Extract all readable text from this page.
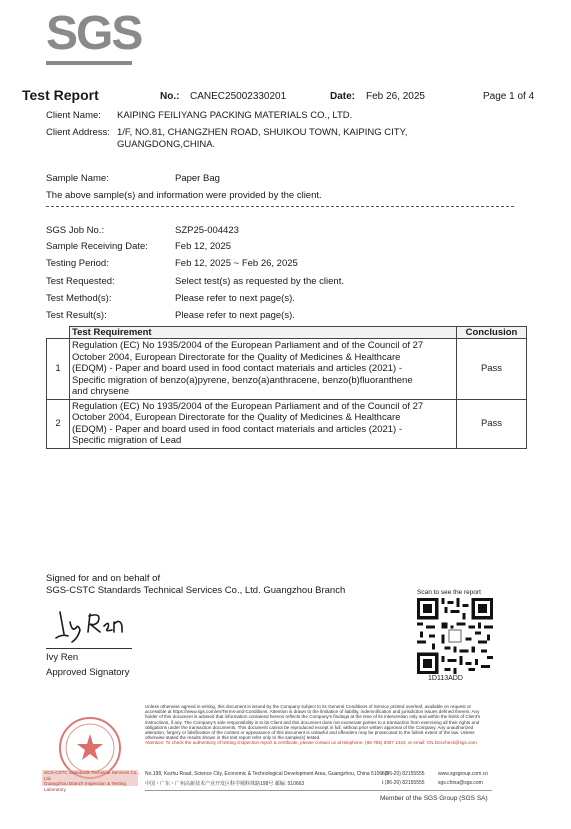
SGS
Test Report	No.: CANEC25002330201	Date: Feb 26, 2025	Page 1 of 4
Client Name: KAIPING FEILIYANG PACKING MATERIALS CO., LTD.
Client Address: 1/F, NO.81, CHANGZHEN ROAD, SHUIKOU TOWN, KAIPING CITY,
GUANGDONG,CHINA.
Sample Name:	Paper Bag
The above sample(s) and information were provided by the client.
SGS Job No.:	SZP25-004423
Sample Receiving Date:	Feb 12, 2025
Testing Period:	Feb 12, 2025 ~ Feb 26, 2025
Test Requested:	Select test(s) as requested by the client.
Test Method(s):	Please refer to next page(s).
Test Result(s):	Please refer to next page(s).
	Test Requirement	Conclusion
1	Regulation (EC) No 1935/2004 of the European Parliament and of the Council of 27
October 2004, European Directorate for the Quality of Medicines & Healthcare
(EDQM) - Paper and board used in food contact materials and articles (2021) -
Specific migration of benzo(a)pyrene, benzo(a)anthracene, benzo(b)fluoranthene
and chrysene	Pass
2	Regulation (EC) No 1935/2004 of the European Parliament and of the Council of 27
October 2004, European Directorate for the Quality of Medicines & Healthcare
(EDQM) - Paper and board used in food contact materials and articles (2021) -
Specific migration of Lead	Pass
Signed for and on behalf of
SGS-CSTC Standards Technical Services Co., Ltd. Guangzhou Branch
Ivy Ren
Approved Signatory
Scan to see the report
1D113ADD
SGS-CSTC Standards Technical Services Co., Ltd.
Guangzhou Branch Inspection & Testing Laboratory
Unless otherwise agreed in writing, this document is issued by the Company subject to its General Conditions of Service printed overleaf, available on request or accessible at https://www.sgs.com/en/Terms-and-Conditions. Attention is drawn to the limitation of liability, indemnification and jurisdiction issues defined therein. Any holder of this document is advised that information contained hereon reflects the Company's findings at the time of its intervention only and within the limits of Client's instructions, if any. The Company's sole responsibility is to its Client and this document does not exonerate parties to a transaction from exercising all their rights and obligations under the transaction documents. This document cannot be reproduced except in full, without prior written approval of the Company. Any unauthorized alteration, forgery or falsification of the content or appearance of this document is unlawful and offenders may be prosecuted to the fullest extent of the law. Unless otherwise stated the results shown in this test report refer only to the sample(s) tested.
Attention: To check the authenticity of testing /inspection report & certificate, please contact us at telephone: (86-755) 8307 1443, or email: CN.Doccheck@sgs.com
No.198, Kezhu Road, Science City, Economic & Technological Development Area, Guangzhou, China 510663
中国・广东・广州高新技术产业开发区科学城科珠路198号 邮编: 510663
t (86-20) 82155555
t (86-20) 82155555
www.sgsgroup.com.cn
sgs.china@sgs.com
Member of the SGS Group (SGS SA)
